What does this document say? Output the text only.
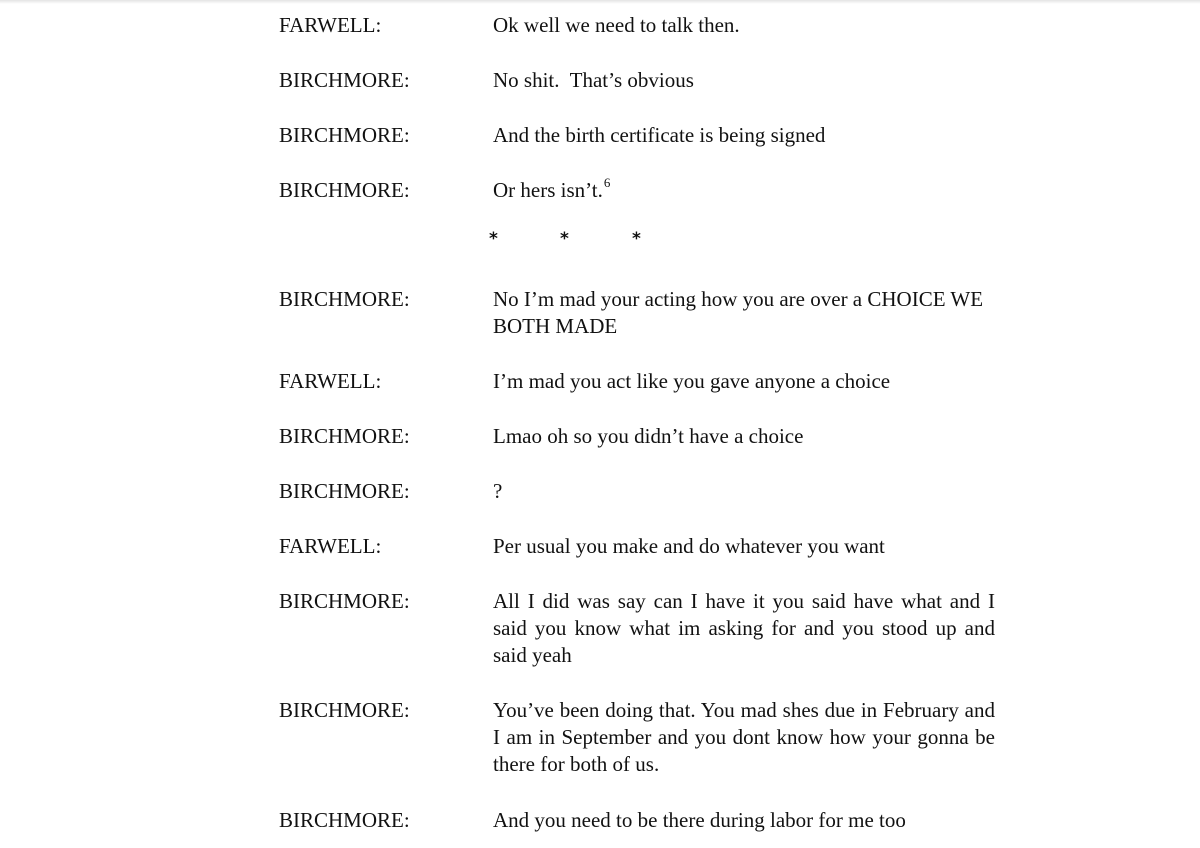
FARWELL:	Ok well we need to talk then.
BIRCHMORE:	No shit.  That’s obvious
BIRCHMORE:	And the birth certificate is being signed
BIRCHMORE:	Or hers isn’t.$^6$
*	*	*
BIRCHMORE:	No I’m mad your acting how you are over a CHOICE WE BOTH MADE
FARWELL:	I’m mad you act like you gave anyone a choice
BIRCHMORE:	Lmao oh so you didn’t have a choice
BIRCHMORE:	?
FARWELL:	Per usual you make and do whatever you want
BIRCHMORE:	All I did was say can I have it you said have what and I said you know what im asking for and you stood up and said yeah
BIRCHMORE:	You’ve been doing that. You mad shes due in February and I am in September and you dont know how your gonna be there for both of us.
BIRCHMORE:	And you need to be there during labor for me too
